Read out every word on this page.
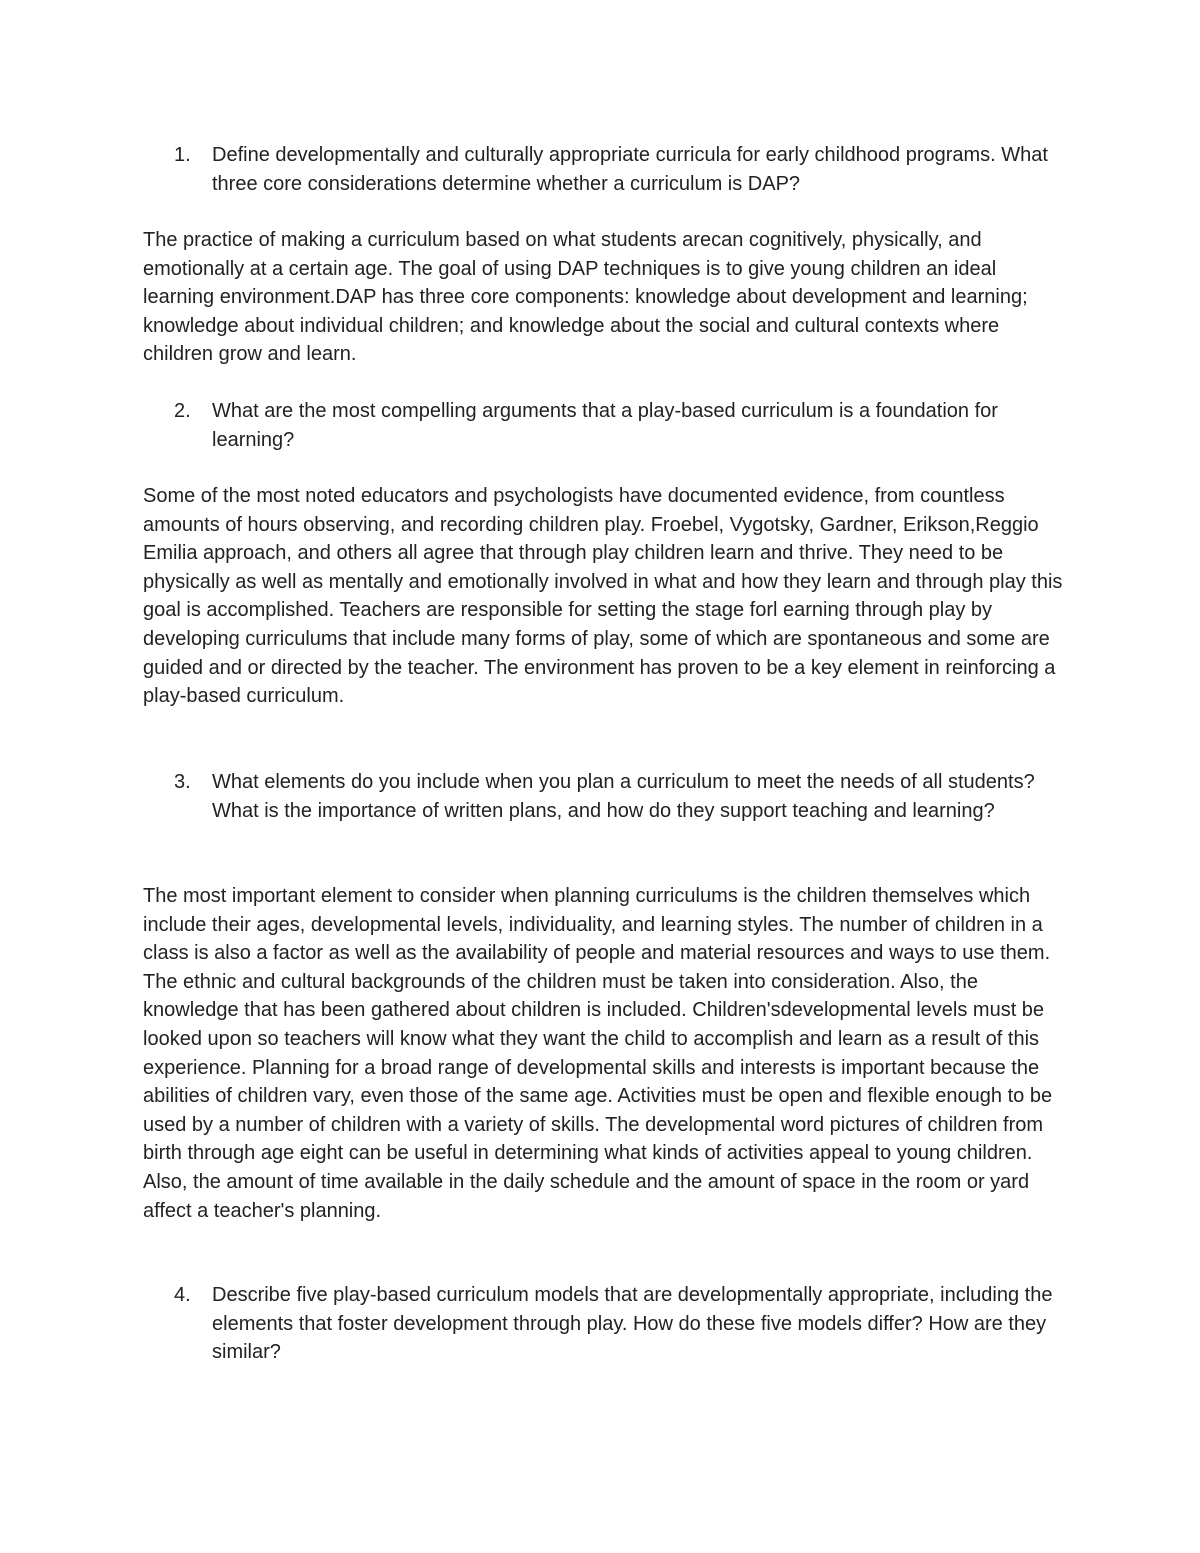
1.	Define developmentally and culturally appropriate curricula for early childhood programs. What three core considerations determine whether a curriculum is DAP?
The practice of making a curriculum based on what students arecan cognitively, physically, and emotionally at a certain age. The goal of using DAP techniques is to give young children an ideal learning environment.DAP has three core components: knowledge about development and learning; knowledge about individual children; and knowledge about the social and cultural contexts where children grow and learn.
2.	What are the most compelling arguments that a play-based curriculum is a foundation for learning?
Some of the most noted educators and psychologists have documented evidence, from countless amounts of hours observing, and recording children play. Froebel, Vygotsky, Gardner, Erikson,Reggio Emilia approach, and others all agree that through play children learn and thrive. They need to be physically as well as mentally and emotionally involved in what and how they learn and through play this goal is accomplished. Teachers are responsible for setting the stage forl earning through play by developing curriculums that include many forms of play, some of which are spontaneous and some are guided and or directed by the teacher. The environment has proven to be a key element in reinforcing a play-based curriculum.
3.	What elements do you include when you plan a curriculum to meet the needs of all students? What is the importance of written plans, and how do they support teaching and learning?
The most important element to consider when planning curriculums is the children themselves which include their ages, developmental levels, individuality, and learning styles. The number of children in a class is also a factor as well as the availability of people and material resources and ways to use them. The ethnic and cultural backgrounds of the children must be taken into consideration. Also, the knowledge that has been gathered about children is included. Children'sdevelopmental levels must be looked upon so teachers will know what they want the child to accomplish and learn as a result of this experience. Planning for a broad range of developmental skills and interests is important because the abilities of children vary, even those of the same age. Activities must be open and flexible enough to be used by a number of children with a variety of skills. The developmental word pictures of children from birth through age eight can be useful in determining what kinds of activities appeal to young children. Also, the amount of time available in the daily schedule and the amount of space in the room or yard affect a teacher's planning.
4.	Describe five play-based curriculum models that are developmentally appropriate, including the elements that foster development through play. How do these five models differ? How are they similar?
